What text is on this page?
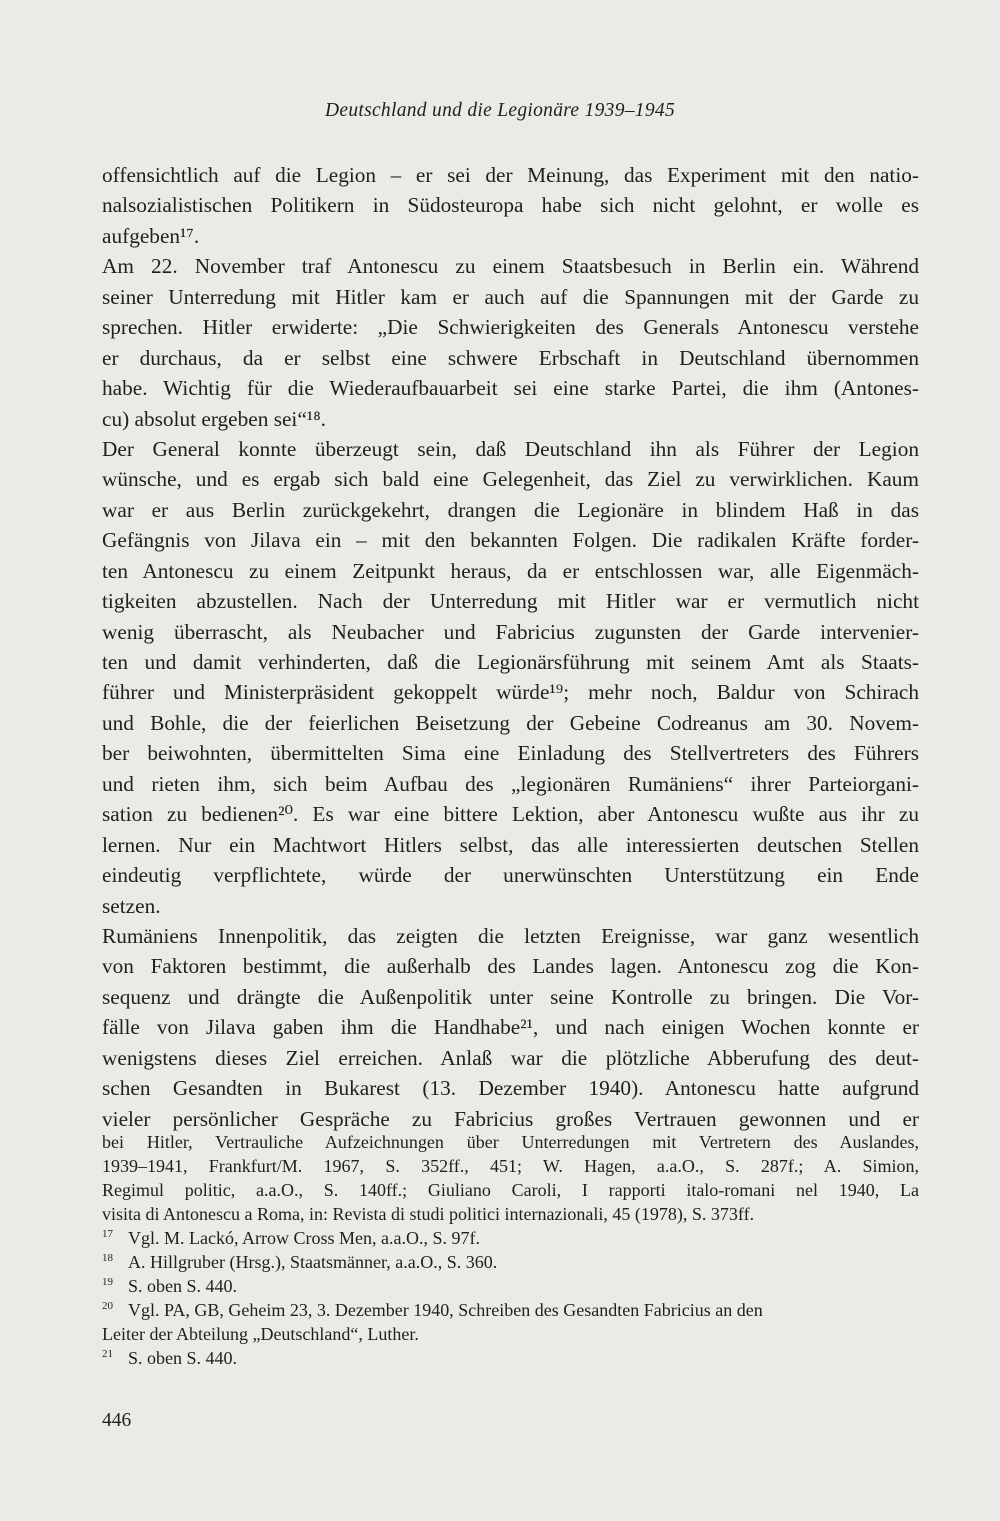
Deutschland und die Legionäre 1939–1945
offensichtlich auf die Legion – er sei der Meinung, das Experiment mit den natio-
nalsozialistischen Politikern in Südosteuropa habe sich nicht gelohnt, er wolle es
aufgeben¹⁷.
Am 22. November traf Antonescu zu einem Staatsbesuch in Berlin ein. Während
seiner Unterredung mit Hitler kam er auch auf die Spannungen mit der Garde zu
sprechen. Hitler erwiderte: „Die Schwierigkeiten des Generals Antonescu verstehe
er durchaus, da er selbst eine schwere Erbschaft in Deutschland übernommen
habe. Wichtig für die Wiederaufbauarbeit sei eine starke Partei, die ihm (Antones-
cu) absolut ergeben sei“¹⁸.
Der General konnte überzeugt sein, daß Deutschland ihn als Führer der Legion
wünsche, und es ergab sich bald eine Gelegenheit, das Ziel zu verwirklichen. Kaum
war er aus Berlin zurückgekehrt, drangen die Legionäre in blindem Haß in das
Gefängnis von Jilava ein – mit den bekannten Folgen. Die radikalen Kräfte forder-
ten Antonescu zu einem Zeitpunkt heraus, da er entschlossen war, alle Eigenmäch-
tigkeiten abzustellen. Nach der Unterredung mit Hitler war er vermutlich nicht
wenig überrascht, als Neubacher und Fabricius zugunsten der Garde intervenier-
ten und damit verhinderten, daß die Legionärsführung mit seinem Amt als Staats-
führer und Ministerpräsident gekoppelt würde¹⁹; mehr noch, Baldur von Schirach
und Bohle, die der feierlichen Beisetzung der Gebeine Codreanus am 30. Novem-
ber beiwohnten, übermittelten Sima eine Einladung des Stellvertreters des Führers
und rieten ihm, sich beim Aufbau des „legionären Rumäniens“ ihrer Parteiorgani-
sation zu bedienen²⁰. Es war eine bittere Lektion, aber Antonescu wußte aus ihr zu
lernen. Nur ein Machtwort Hitlers selbst, das alle interessierten deutschen Stellen
eindeutig verpflichtete, würde der unerwünschten Unterstützung ein Ende
setzen.
Rumäniens Innenpolitik, das zeigten die letzten Ereignisse, war ganz wesentlich
von Faktoren bestimmt, die außerhalb des Landes lagen. Antonescu zog die Kon-
sequenz und drängte die Außenpolitik unter seine Kontrolle zu bringen. Die Vor-
fälle von Jilava gaben ihm die Handhabe²¹, und nach einigen Wochen konnte er
wenigstens dieses Ziel erreichen. Anlaß war die plötzliche Abberufung des deut-
schen Gesandten in Bukarest (13. Dezember 1940). Antonescu hatte aufgrund
vieler persönlicher Gespräche zu Fabricius großes Vertrauen gewonnen und er
bei Hitler, Vertrauliche Aufzeichnungen über Unterredungen mit Vertretern des Auslandes,
1939–1941, Frankfurt/M. 1967, S. 352ff., 451; W. Hagen, a.a.O., S. 287f.; A. Simion,
Regimul politic, a.a.O., S. 140ff.; Giuliano Caroli, I rapporti italo-romani nel 1940, La
visita di Antonescu a Roma, in: Revista di studi politici internazionali, 45 (1978), S. 373ff.
17 Vgl. M. Lackó, Arrow Cross Men, a.a.O., S. 97f.
18 A. Hillgruber (Hrsg.), Staatsmänner, a.a.O., S. 360.
19 S. oben S. 440.
20 Vgl. PA, GB, Geheim 23, 3. Dezember 1940, Schreiben des Gesandten Fabricius an den
Leiter der Abteilung „Deutschland“, Luther.
21 S. oben S. 440.
446
